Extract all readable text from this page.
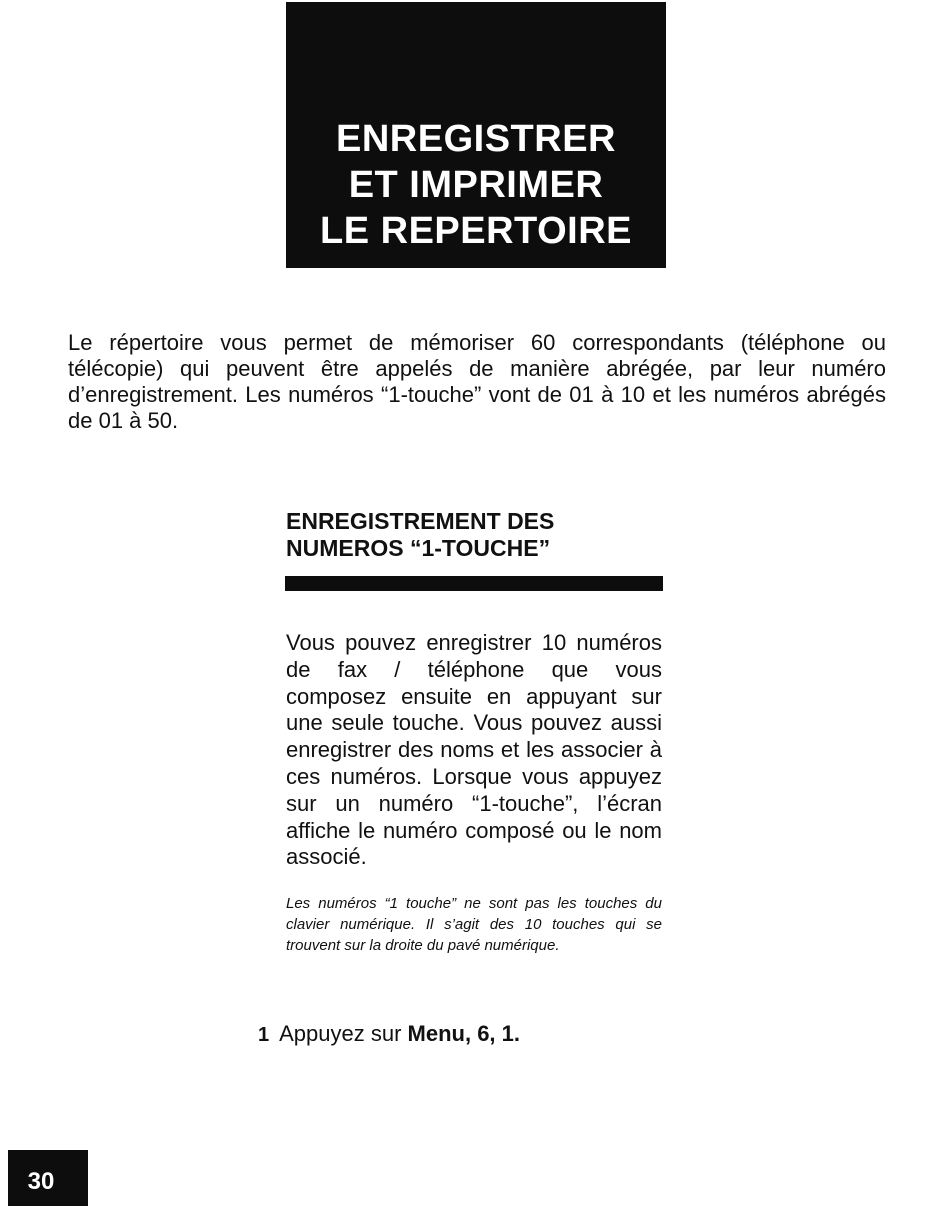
ENREGISTRER
ET IMPRIMER
LE REPERTOIRE

Le répertoire vous permet de mémoriser 60 correspondants (téléphone ou télécopie) qui peuvent être appelés de manière abrégée, par leur numéro d’enregistrement. Les numéros “1-touche” vont de 01 à 10 et les numéros abrégés de 01 à 50.

ENREGISTREMENT DES
NUMEROS “1-TOUCHE”

Vous pouvez enregistrer 10 numéros de fax / téléphone que vous composez ensuite en appuyant sur une seule touche. Vous pouvez aussi enregistrer des noms et les associer à ces numéros. Lorsque vous appuyez sur un numéro “1-touche”, l’écran affiche le numéro composé ou le nom associé.

Les numéros “1 touche” ne sont pas les touches du clavier numérique. Il s’agit des 10 touches qui se trouvent sur la droite du pavé numérique.

1 Appuyez sur Menu, 6, 1.
30
